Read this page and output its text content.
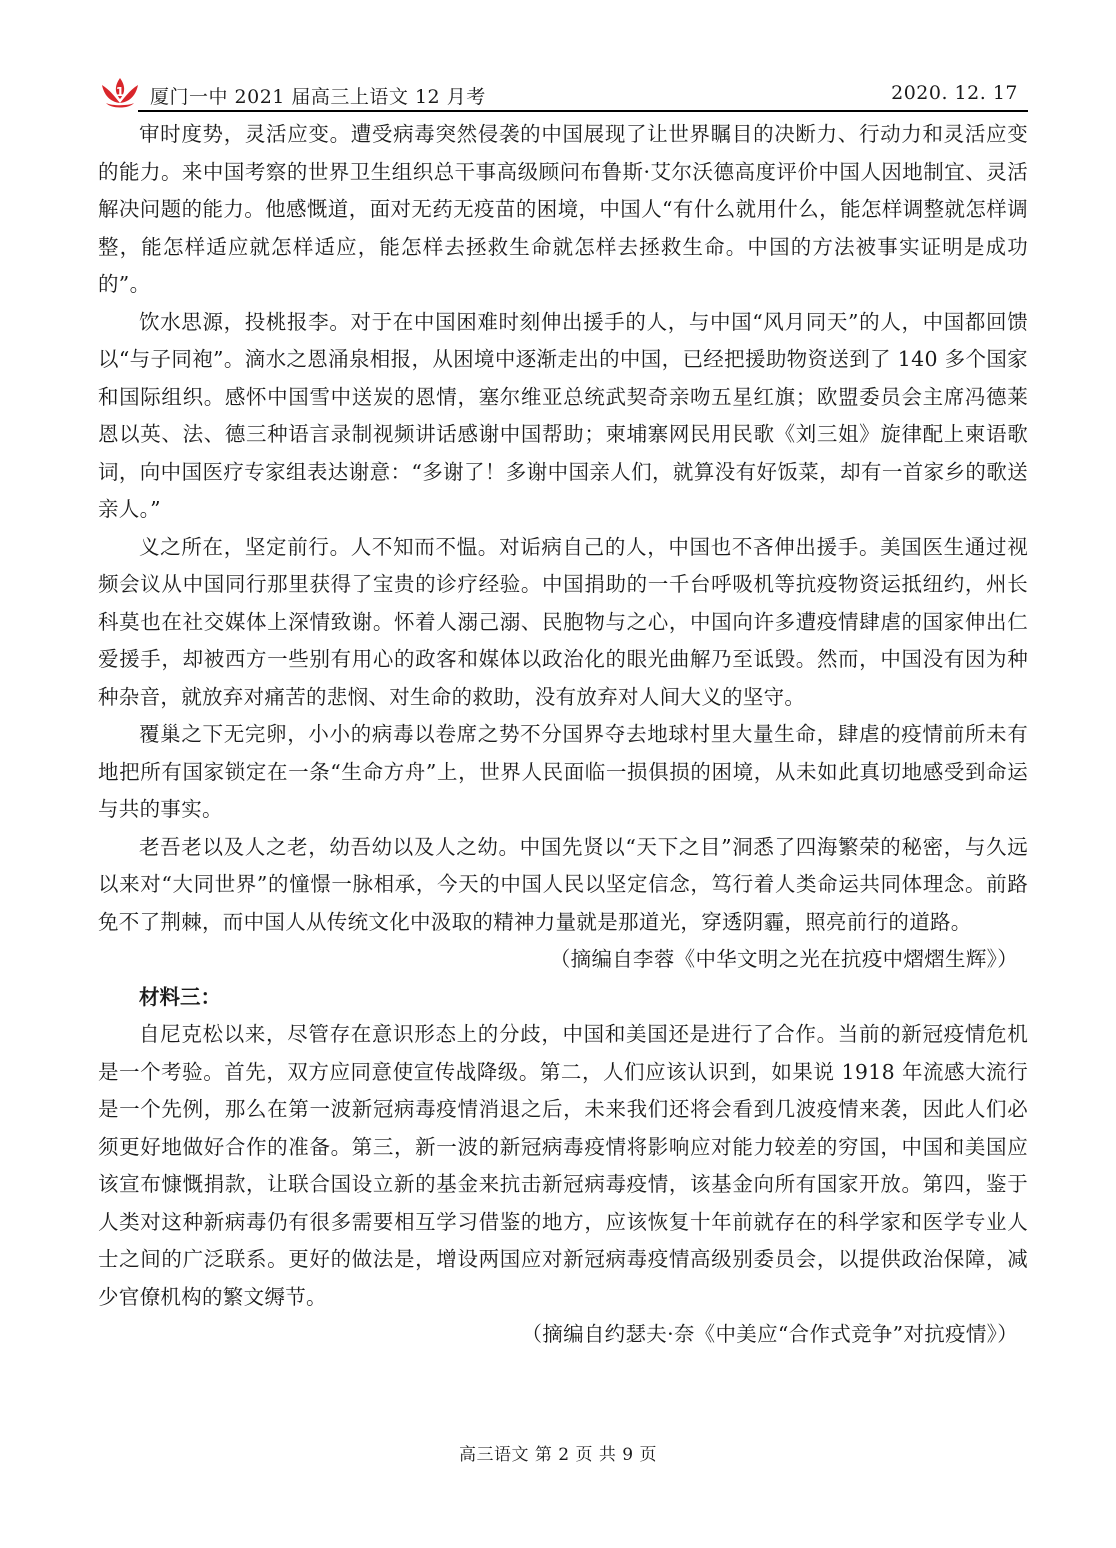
1 厦门一中 2021 届高三上语文 12 月考	2020. 12. 17

审时度势，灵活应变。遭受病毒突然侵袭的中国展现了让世界瞩目的决断力、行动力和灵活应变的能力。来中国考察的世界卫生组织总干事高级顾问布鲁斯·艾尔沃德高度评价中国人因地制宜、灵活解决问题的能力。他感慨道，面对无药无疫苗的困境，中国人“有什么就用什么，能怎样调整就怎样调整，能怎样适应就怎样适应，能怎样去拯救生命就怎样去拯救生命。中国的方法被事实证明是成功的”。

饮水思源，投桃报李。对于在中国困难时刻伸出援手的人，与中国“风月同天”的人，中国都回馈以“与子同袍”。滴水之恩涌泉相报，从困境中逐渐走出的中国，已经把援助物资送到了 140 多个国家和国际组织。感怀中国雪中送炭的恩情，塞尔维亚总统武契奇亲吻五星红旗；欧盟委员会主席冯德莱恩以英、法、德三种语言录制视频讲话感谢中国帮助；柬埔寨网民用民歌《刘三姐》旋律配上柬语歌词，向中国医疗专家组表达谢意：“多谢了！多谢中国亲人们，就算没有好饭菜，却有一首家乡的歌送亲人。”

义之所在，坚定前行。人不知而不愠。对诟病自己的人，中国也不吝伸出援手。美国医生通过视频会议从中国同行那里获得了宝贵的诊疗经验。中国捐助的一千台呼吸机等抗疫物资运抵纽约，州长科莫也在社交媒体上深情致谢。怀着人溺己溺、民胞物与之心，中国向许多遭疫情肆虐的国家伸出仁爱援手，却被西方一些别有用心的政客和媒体以政治化的眼光曲解乃至诋毁。然而，中国没有因为种种杂音，就放弃对痛苦的悲悯、对生命的救助，没有放弃对人间大义的坚守。

覆巢之下无完卵，小小的病毒以卷席之势不分国界夺去地球村里大量生命，肆虐的疫情前所未有地把所有国家锁定在一条“生命方舟”上，世界人民面临一损俱损的困境，从未如此真切地感受到命运与共的事实。

老吾老以及人之老，幼吾幼以及人之幼。中国先贤以“天下之目”洞悉了四海繁荣的秘密，与久远以来对“大同世界”的憧憬一脉相承，今天的中国人民以坚定信念，笃行着人类命运共同体理念。前路免不了荆棘，而中国人从传统文化中汲取的精神力量就是那道光，穿透阴霾，照亮前行的道路。

（摘编自李蓉《中华文明之光在抗疫中熠熠生辉》）

材料三：

自尼克松以来，尽管存在意识形态上的分歧，中国和美国还是进行了合作。当前的新冠疫情危机是一个考验。首先，双方应同意使宣传战降级。第二，人们应该认识到，如果说 1918 年流感大流行是一个先例，那么在第一波新冠病毒疫情消退之后，未来我们还将会看到几波疫情来袭，因此人们必须更好地做好合作的准备。第三，新一波的新冠病毒疫情将影响应对能力较差的穷国，中国和美国应该宣布慷慨捐款，让联合国设立新的基金来抗击新冠病毒疫情，该基金向所有国家开放。第四，鉴于人类对这种新病毒仍有很多需要相互学习借鉴的地方，应该恢复十年前就存在的科学家和医学专业人士之间的广泛联系。更好的做法是，增设两国应对新冠病毒疫情高级别委员会，以提供政治保障，减少官僚机构的繁文缛节。

（摘编自约瑟夫·奈《中美应“合作式竞争”对抗疫情》）

高三语文 第 2 页 共 9 页
